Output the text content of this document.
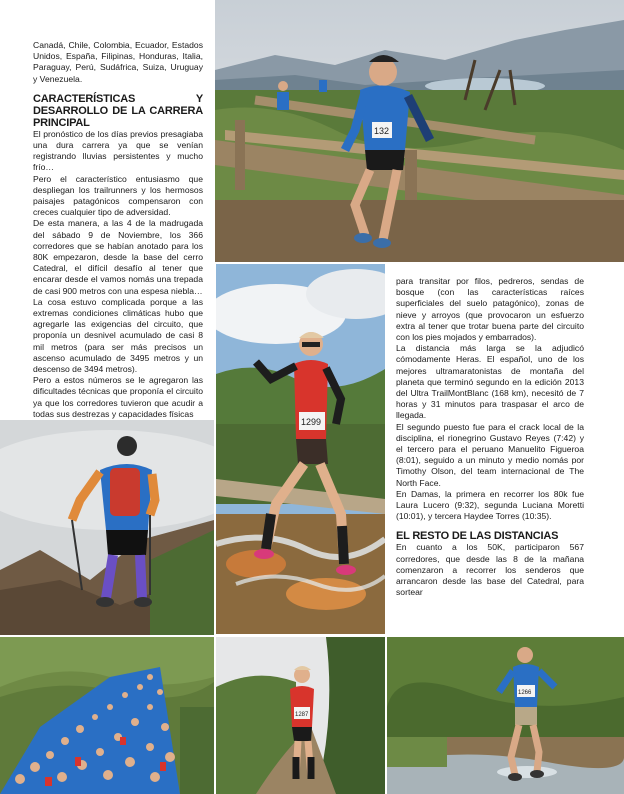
Canadá, Chile, Colombia, Ecuador, Estados Unidos, España, Filipinas, Honduras, Italia, Paraguay, Perú, Sudáfrica, Suiza, Uruguay y Venezuela.

CARACTERÍSTICAS Y DESARROLLO DE LA CARRERA PRINCIPAL

El pronóstico de los días previos presagiaba una dura carrera ya que se venían registrando lluvias persistentes y mucho frío…

Pero el característico entusiasmo que despliegan los trailrunners y los hermosos paisajes patagónicos compensaron con creces cualquier tipo de adversidad.

De esta manera, a las 4 de la madrugada del sábado 9 de Noviembre, los 366 corredores que se habían anotado para los 80K empezaron, desde la base del cerro Catedral, el difícil desafío al tener que encarar desde el vamos nomás una trepada de casi 900 metros con una espesa niebla…

La cosa estuvo complicada porque a las extremas condiciones climáticas hubo que agregarle las exigencias del circuito, que proponía un desnivel acumulado de casi 8 mil metros (para ser más precisos un ascenso acumulado de 3495 metros y un descenso de 3494 metros).

Pero a estos números se le agregaron las dificultades técnicas que proponía el circuito ya que los corredores tuvieron que acudir a todas sus destrezas y capacidades físicas

para transitar por filos, pedreros, sendas de bosque (con las características raíces superficiales del suelo patagónico), zonas de nieve y arroyos (que provocaron un esfuerzo extra al tener que trotar buena parte del circuito con los pies mojados y embarrados).

La distancia más larga se la adjudicó cómodamente Heras. El español, uno de los mejores ultramaratonistas de montaña del planeta que terminó segundo en la edición 2013 del Ultra TrailMontBlanc (168 km), necesitó de 7 horas y 31 minutos para traspasar el arco de llegada.

El segundo puesto fue para el crack local de la disciplina, el rionegrino Gustavo Reyes (7:42) y el tercero para el peruano Manuelito Figueroa (8:01), seguido a un minuto y medio nomás por Timothy Olson, del team internacional de The North Face.

En Damas, la primera en recorrer los 80k fue Laura Lucero (9:32), segunda Luciana Moretti (10:01), y tercera Haydee Torres (10:35).

EL RESTO DE LAS DISTANCIAS

En cuanto a los 50K, participaron 567 corredores, que desde las 8 de la mañana comenzaron a recorrer los senderos que arrancaron desde las base del Catedral, para sortear

132
1299
1287
1266
